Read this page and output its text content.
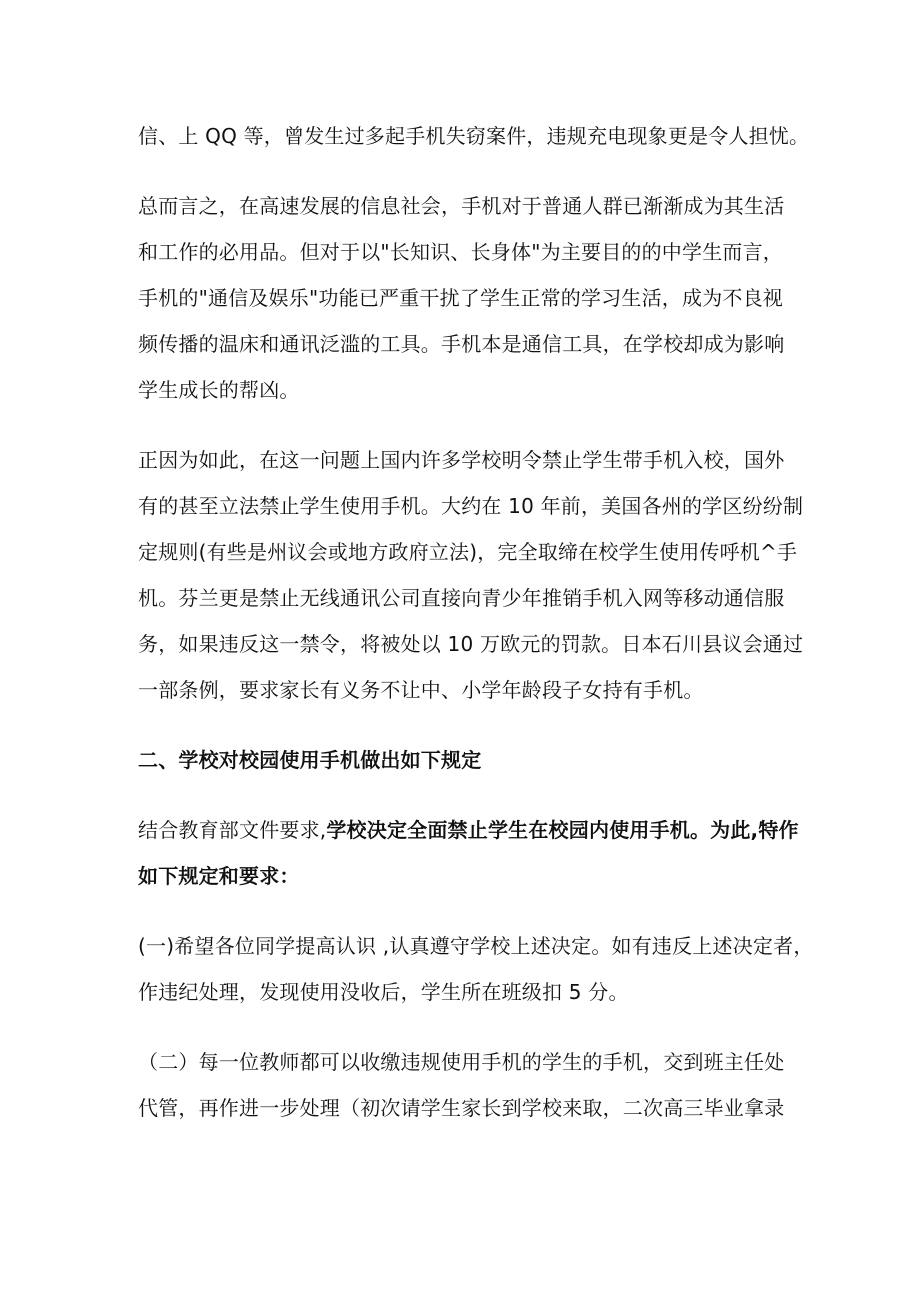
信、上 QQ 等，曾发生过多起手机失窃案件，违规充电现象更是令人担忧。
总而言之，在高速发展的信息社会，手机对于普通人群已渐渐成为其生活
和工作的必用品。但对于以"长知识、长身体"为主要目的的中学生而言，
手机的"通信及娱乐"功能已严重干扰了学生正常的学习生活，成为不良视
频传播的温床和通讯泛滥的工具。手机本是通信工具，在学校却成为影响
学生成长的帮凶。
正因为如此，在这一问题上国内许多学校明令禁止学生带手机入校，国外
有的甚至立法禁止学生使用手机。大约在 10 年前，美国各州的学区纷纷制
定规则(有些是州议会或地方政府立法)，完全取缔在校学生使用传呼机^手
机。芬兰更是禁止无线通讯公司直接向青少年推销手机入网等移动通信服
务，如果违反这一禁令，将被处以 10 万欧元的罚款。日本石川县议会通过
一部条例，要求家长有义务不让中、小学年龄段子女持有手机。
二、学校对校园使用手机做出如下规定
结合教育部文件要求,学校决定全面禁止学生在校园内使用手机。为此,特作
如下规定和要求：
(一)希望各位同学提高认识 ,认真遵守学校上述决定。如有违反上述决定者，
作违纪处理，发现使用没收后，学生所在班级扣 5 分。
（二）每一位教师都可以收缴违规使用手机的学生的手机，交到班主任处
代管，再作进一步处理（初次请学生家长到学校来取，二次高三毕业拿录
